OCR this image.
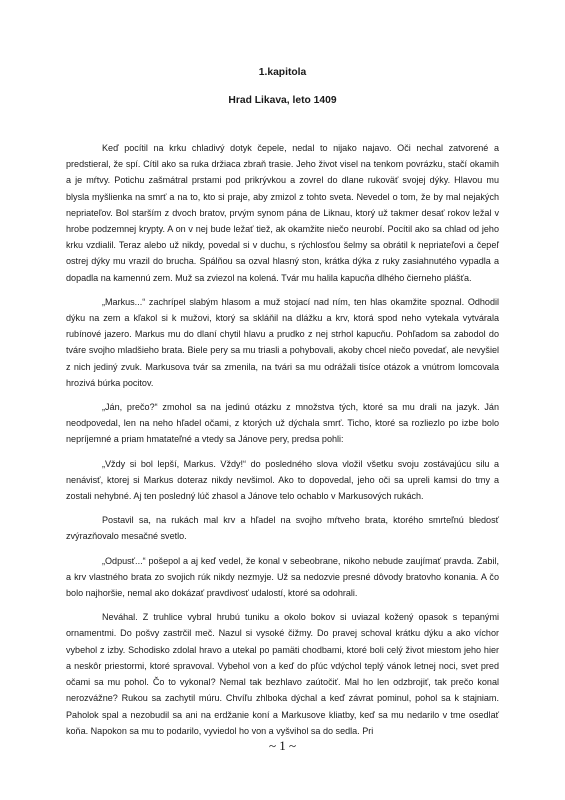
1.kapitola

Hrad Likava, leto 1409

Keď pocítil na krku chladivý dotyk čepele, nedal to nijako najavo. Oči nechal zatvorené a predstieral, že spí. Cítil ako sa ruka držiaca zbraň trasie. Jeho život visel na tenkom povrázku, stačí okamih a je mŕtvy. Potichu zašmátral prstami pod prikrývkou a zovrel do dlane rukoväť svojej dýky. Hlavou mu blysla myšlienka na smrť a na to, kto si praje, aby zmizol z tohto sveta. Nevedel o tom, že by mal nejakých nepriateľov. Bol starším z dvoch bratov, prvým synom pána de Liknau, ktorý už takmer desať rokov ležal v hrobe podzemnej krypty. A on v nej bude ležať tiež, ak okamžite niečo neurobí. Pocítil ako sa chlad od jeho krku vzdialil. Teraz alebo už nikdy, povedal si v duchu, s rýchlosťou šelmy sa obrátil k nepriateľovi a čepeľ ostrej dýky mu vrazil do brucha. Spálňou sa ozval hlasný ston, krátka dýka z ruky zasiahnutého vypadla a dopadla na kamennú zem. Muž sa zviezol na kolená. Tvár mu halila kapucňa dlhého čierneho plášťa.

„Markus...“ zachrípel slabým hlasom a muž stojací nad ním, ten hlas okamžite spoznal. Odhodil dýku na zem a kľakol si k mužovi, ktorý sa skláňil na dlážku a krv, ktorá spod neho vytekala vytvárala rubínové jazero. Markus mu do dlaní chytil hlavu a prudko z nej strhol kapucňu. Pohľadom sa zabodol do tváre svojho mladšieho brata. Biele pery sa mu triasli a pohybovali, akoby chcel niečo povedať, ale nevyšiel z nich jediný zvuk. Markusova tvár sa zmenila, na tvári sa mu odrážali tisíce otázok a vnútrom lomcovala hrozivá búrka pocitov.

„Ján, prečo?“ zmohol sa na jedinú otázku z množstva tých, ktoré sa mu drali na jazyk. Ján neodpovedal, len na neho hľadel očami, z ktorých už dýchala smrť. Ticho, ktoré sa rozliezlo po izbe bolo nepríjemné a priam hmatateľné a vtedy sa Jánove pery, predsa pohli:

„Vždy si bol lepší, Markus. Vždy!“ do posledného slova vložil všetku svoju zostávajúcu silu a nenávisť, ktorej si Markus doteraz nikdy nevšimol. Ako to dopovedal, jeho oči sa upreli kamsi do tmy a zostali nehybné. Aj ten posledný lúč zhasol a Jánove telo ochablo v Markusových rukách.

Postavil sa, na rukách mal krv a hľadel na svojho mŕtveho brata, ktorého smrteľnú bledosť zvýrazňovalo mesačné svetlo.

„Odpusť...“ pošepol a aj keď vedel, že konal v sebeobrane, nikoho nebude zaujímať pravda. Zabil, a krv vlastného brata zo svojich rúk nikdy nezmyje. Už sa nedozvie presné dôvody bratovho konania. A čo bolo najhoršie, nemal ako dokázať pravdivosť udalostí, ktoré sa odohrali.

Neváhal. Z truhlice vybral hrubú tuniku a okolo bokov si uviazal kožený opasok s tepanými ornamentmi. Do pošvy zastrčil meč. Nazul si vysoké čižmy. Do pravej schoval krátku dýku a ako víchor vybehol z izby. Schodisko zdolal hravo a utekal po pamäti chodbami, ktoré boli celý život miestom jeho hier a neskôr priestormi, ktoré spravoval. Vybehol von a keď do pľúc vdýchol teplý vánok letnej noci, svet pred očami sa mu pohol. Čo to vykonal? Nemal tak bezhlavo zaútočiť. Mal ho len odzbrojiť, tak prečo konal nerozvážne? Rukou sa zachytil múru. Chvíľu zhlboka dýchal a keď závrat pominul, pohol sa k stajniam. Paholok spal a nezobudil sa ani na erdžanie koní a Markusove kliatby, keď sa mu nedarilo v tme osedlať koňa. Napokon sa mu to podarilo, vyviedol ho von a vyšvihol sa do sedla. Pri

~ 1 ~
